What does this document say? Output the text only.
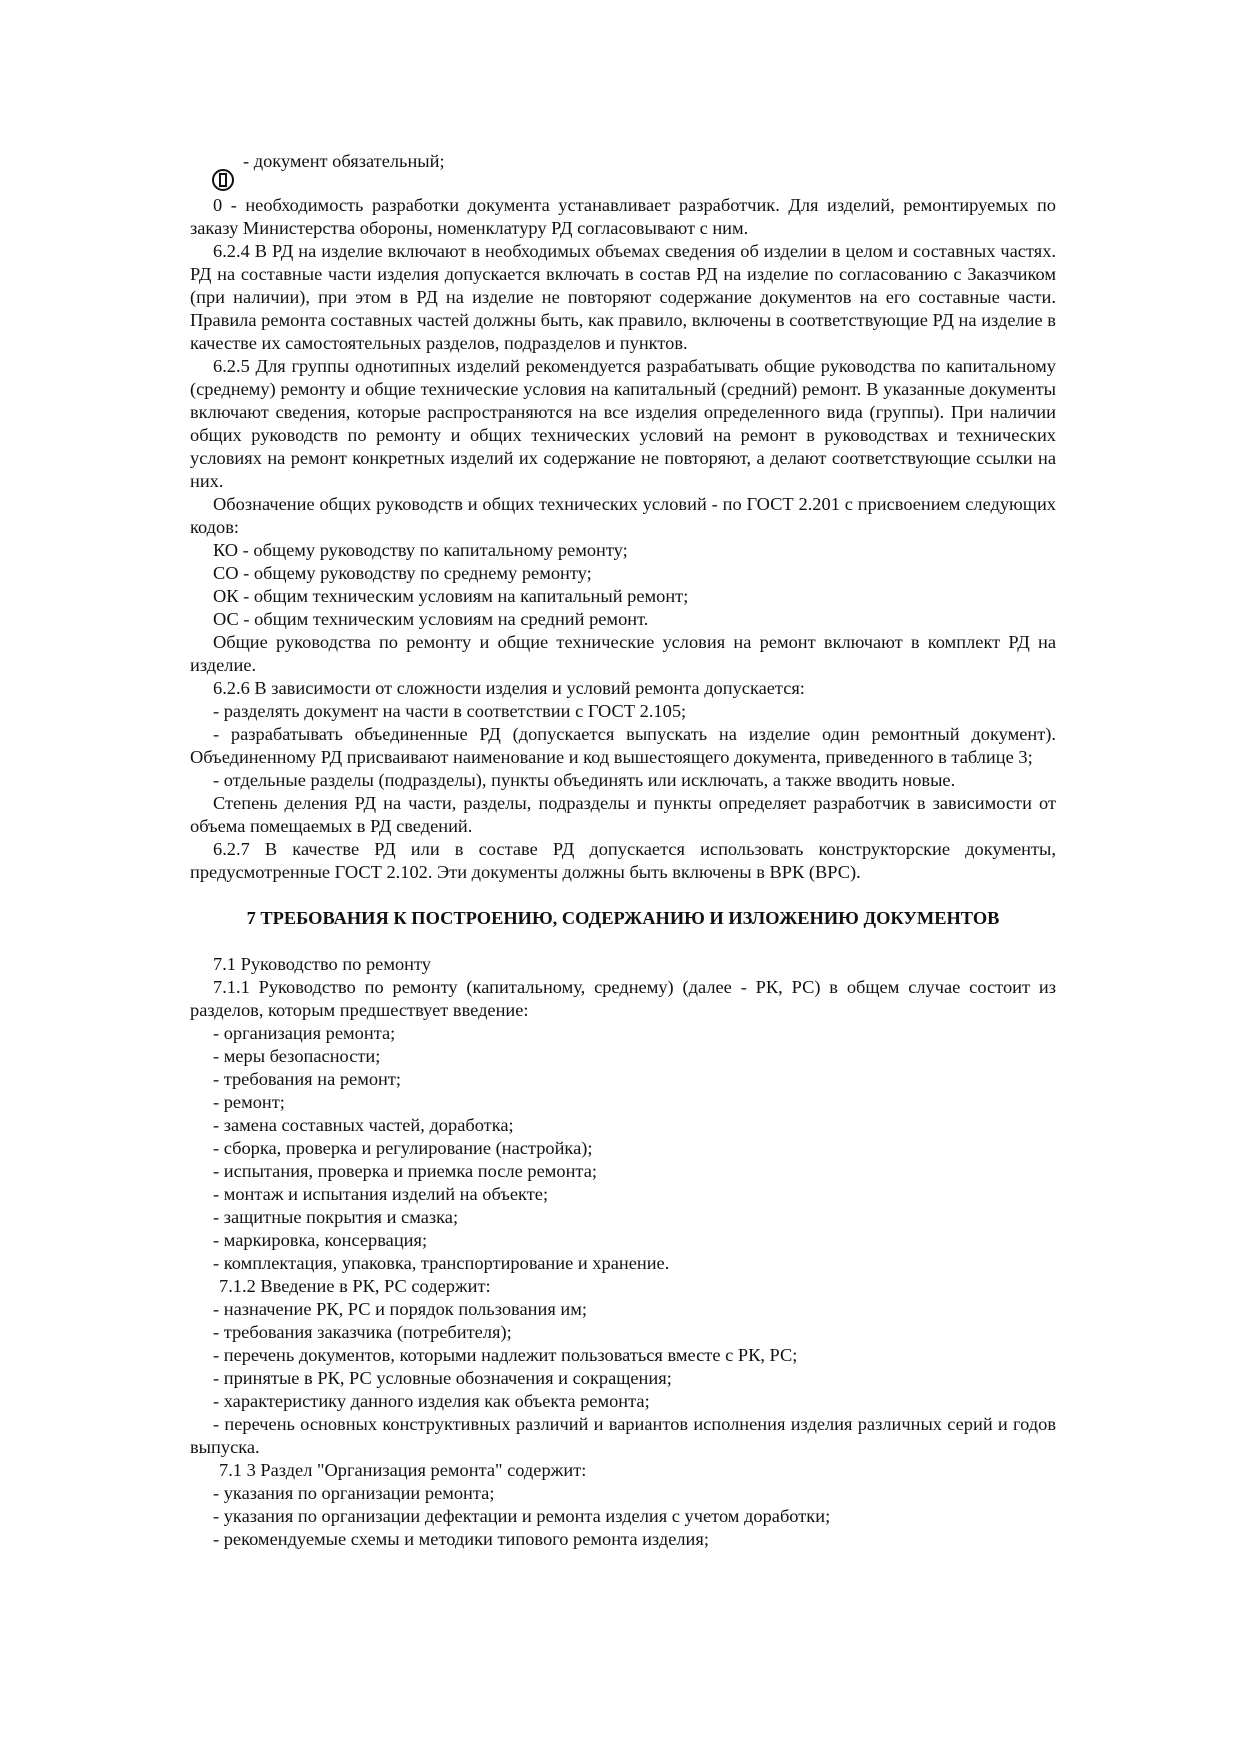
- документ обязательный;

0 - необходимость разработки документа устанавливает разработчик. Для изделий, ремонтируемых по заказу Министерства обороны, номенклатуру РД согласовывают с ним.

6.2.4 В РД на изделие включают в необходимых объемах сведения об изделии в целом и составных частях. РД на составные части изделия допускается включать в состав РД на изделие по согласованию с Заказчиком (при наличии), при этом в РД на изделие не повторяют содержание документов на его составные части. Правила ремонта составных частей должны быть, как правило, включены в соответствующие РД на изделие в качестве их самостоятельных разделов, подразделов и пунктов.

6.2.5 Для группы однотипных изделий рекомендуется разрабатывать общие руководства по капитальному (среднему) ремонту и общие технические условия на капитальный (средний) ремонт. В указанные документы включают сведения, которые распространяются на все изделия определенного вида (группы). При наличии общих руководств по ремонту и общих технических условий на ремонт в руководствах и технических условиях на ремонт конкретных изделий их содержание не повторяют, а делают соответствующие ссылки на них.

Обозначение общих руководств и общих технических условий - по ГОСТ 2.201 с присвоением следующих кодов:

КО - общему руководству по капитальному ремонту;
СО - общему руководству по среднему ремонту;
ОК - общим техническим условиям на капитальный ремонт;
ОС - общим техническим условиям на средний ремонт.

Общие руководства по ремонту и общие технические условия на ремонт включают в комплект РД на изделие.

6.2.6 В зависимости от сложности изделия и условий ремонта допускается:
- разделять документ на части в соответствии с ГОСТ 2.105;

- разрабатывать объединенные РД (допускается выпускать на изделие один ремонтный документ). Объединенному РД присваивают наименование и код вышестоящего документа, приведенного в таблице 3;

- отдельные разделы (подразделы), пункты объединять или исключать, а также вводить новые.

Степень деления РД на части, разделы, подразделы и пункты определяет разработчик в зависимости от объема помещаемых в РД сведений.

6.2.7 В качестве РД или в составе РД допускается использовать конструкторские документы, предусмотренные ГОСТ 2.102. Эти документы должны быть включены в ВРК (ВРС).

7 ТРЕБОВАНИЯ К ПОСТРОЕНИЮ, СОДЕРЖАНИЮ И ИЗЛОЖЕНИЮ ДОКУМЕНТОВ
7.1 Руководство по ремонту

7.1.1 Руководство по ремонту (капитальному, среднему) (далее - РК, РС) в общем случае состоит из разделов, которым предшествует введение:

- организация ремонта;
- меры безопасности;
- требования на ремонт;
- ремонт;
- замена составных частей, доработка;
- сборка, проверка и регулирование (настройка);
- испытания, проверка и приемка после ремонта;
- монтаж и испытания изделий на объекте;
- защитные покрытия и смазка;
- маркировка, консервация;
- комплектация, упаковка, транспортирование и хранение.
7.1.2 Введение в РК, РС содержит:
- назначение РК, РС и порядок пользования им;
- требования заказчика (потребителя);
- перечень документов, которыми надлежит пользоваться вместе с РК, РС;
- принятые в РК, РС условные обозначения и сокращения;
- характеристику данного изделия как объекта ремонта;

- перечень основных конструктивных различий и вариантов исполнения изделия различных серий и годов выпуска.

7.1 3 Раздел "Организация ремонта" содержит:
- указания по организации ремонта;
- указания по организации дефектации и ремонта изделия с учетом доработки;
- рекомендуемые схемы и методики типового ремонта изделия;
